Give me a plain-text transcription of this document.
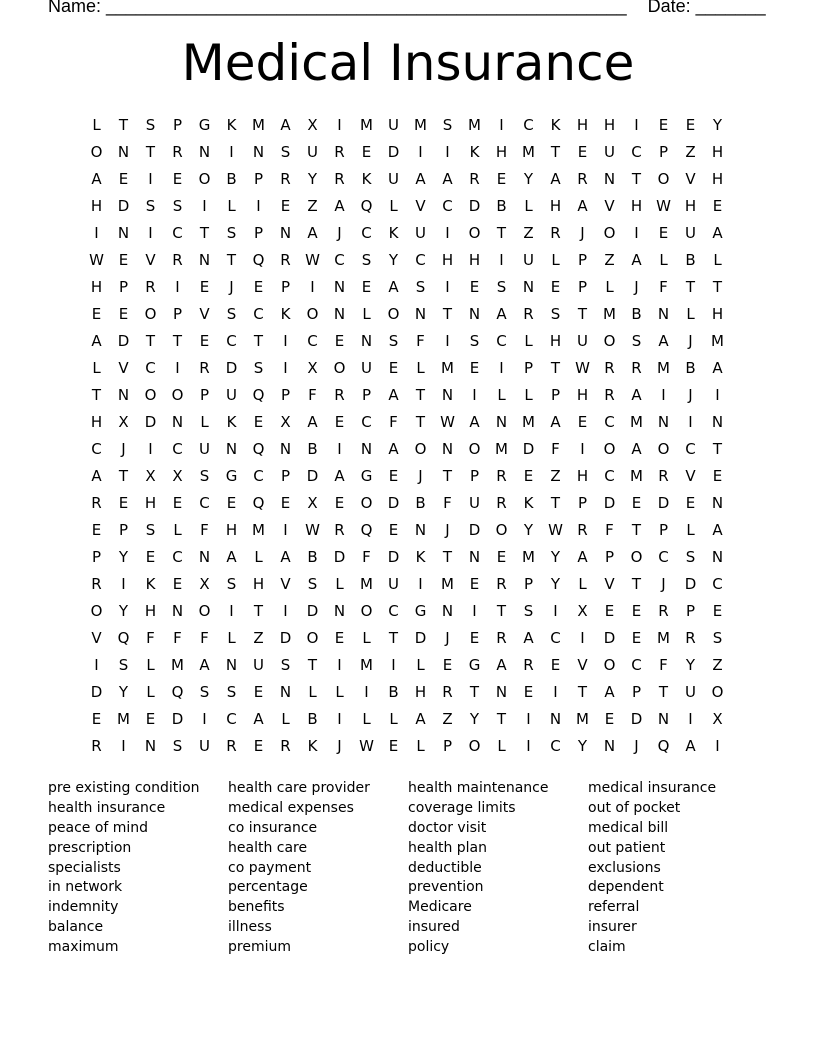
Name: ____________________________________________________ Date: _______
Medical Insurance
L	T	S	P	G	K	M	A	X	I	M	U	M	S	M	I	C	K	H	H	I	E	E	Y
O	N	T	R	N	I	N	S	U	R	E	D	I	I	K	H M	T	E	U	C	P	Z	H
A	E	I	E	O	B	P	R	Y	R	K	U	A	A	R	E	Y	A	R	N	T	O	V	H
H	D	S	S	I	L	I	E	Z	A	Q	L	V	C	D	B	L	H	A	V	H W H	E
I	N	I	C	T	S	P	N	A	J	C	K	U	I	O	T	Z	R	J	O	I	E	U	A
W E	V	R	N	T	Q	R W C	S	Y	C	H	H	I	U	L	P	Z	A	L	B	L
H	P	R	I	E	J	E	P	I	N	E	A	S	I	E	S	N	E	P	L	J	F	T	T
E	E	O	P	V	S	C	K	O	N	L	O	N	T	N	A	R	S	T	M	B	N	L	H
A	D	T	T	E	C	T	I	C	E	N	S	F	I	S	C	L	H	U	O	S	A	J	M
L	V	C	I	R	D	S	I	X	O	U	E	L	M	E	I	P	T	W R	R	M	B	A
T	N	O	O	P	U	Q	P	F	R	P	A	T	N	I	L	L	P	H	R	A	I	J	I
H	X	D	N	L	K	E	X	A	E	C	F	T	W A	N M	A	E	C	M N	I	N
C	J	I	C	U	N	Q	N	B	I	N	A	O	N	O M D	F	I	O	A	O	C	T
A	T	X	X	S	G	C	P	D	A	G	E	J	T	P	R	E	Z	H	C	M	R	V	E
R	E	H	E	C	E	Q	E	X	E	O	D	B	F	U	R	K	T	P	D	E	D	E	N
E	P	S	L	F	H M	I	W R	Q	E	N	J	D	O	Y	W R	F	T	P	L	A
P	Y	E	C	N	A	L	A	B	D	F	D	K	T	N	E	M	Y	A	P	O	C	S	N
R	I	K	E	X	S	H	V	S	L	M	U	I	M	E	R	P	Y	L	V	T	J	D	C
O	Y	H	N	O	I	T	I	D	N	O	C	G	N	I	T	S	I	X	E	E	R	P	E
V	Q	F	F	F	L	Z	D	O	E	L	T	D	J	E	R	A	C	I	D	E	M	R	S
I	S	L	M	A	N	U	S	T	I	M	I	L	E	G	A	R	E	V	O	C	F	Y	Z
D	Y	L	Q	S	S	E	N	L	L	I	B	H	R	T	N	E	I	T	A	P	T	U	O
E	M	E	D	I	C	A	L	B	I	L	L	A	Z	Y	T	I	N M	E	D	N	I	X
R	I	N	S	U	R	E	R	K	J	W E	L	P	O	L	I	C	Y	N	J	Q	A	I
pre existing condition
health insurance
peace of mind
prescription
specialists
in network
indemnity
balance
maximum
health care provider
medical expenses
co insurance
health care
co payment
percentage
benefits
illness
premium
health maintenance
coverage limits
doctor visit
health plan
deductible
prevention
Medicare
insured
policy
medical insurance
out of pocket
medical bill
out patient
exclusions
dependent
referral
insurer
claim
